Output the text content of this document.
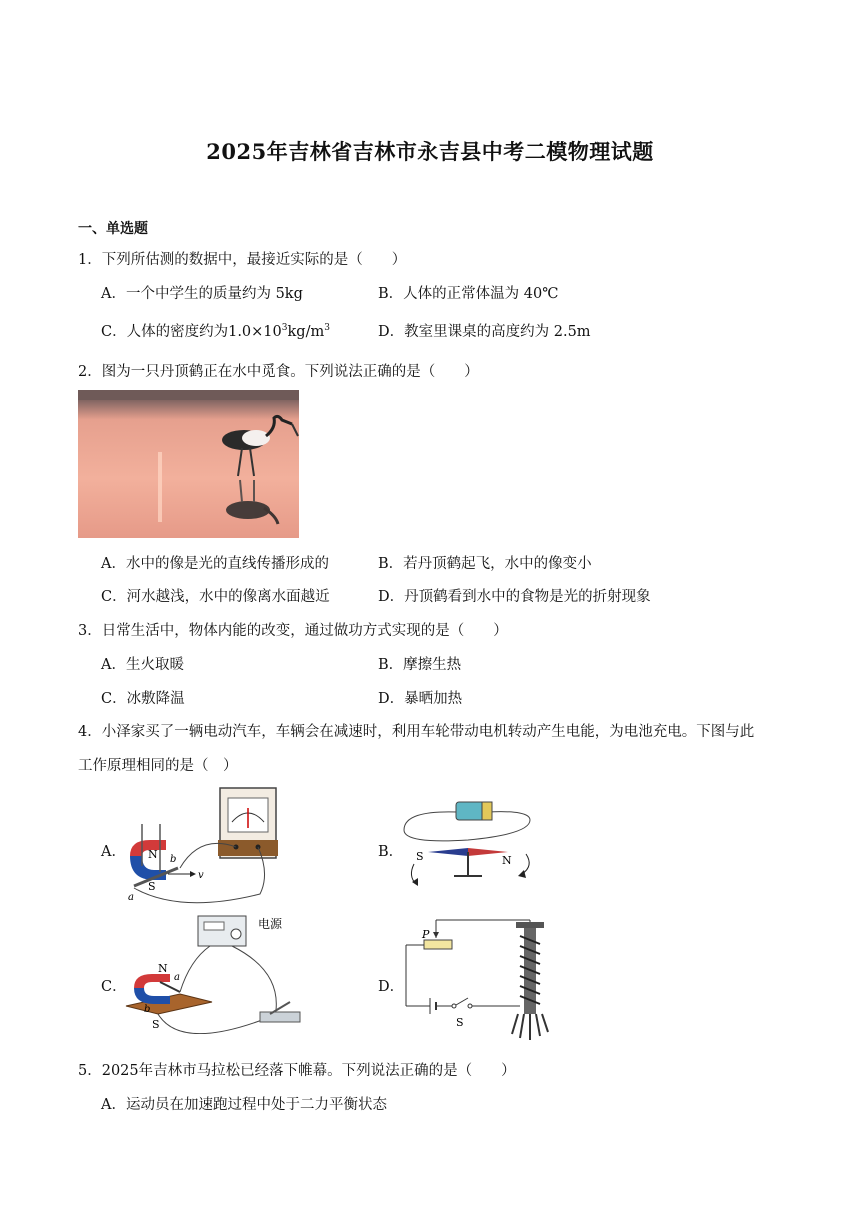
2025年吉林省吉林市永吉县中考二模物理试题
一、单选题
1．下列所估测的数据中，最接近实际的是（　　）
A．一个中学生的质量约为 5kg	B．人体的正常体温为 40℃
C．人体的密度约为$1.0\times 10^3kg/m^3$	D．教室里课桌的高度约为 2.5m
2．图为一只丹顶鹤正在水中觅食。下列说法正确的是（　　）
A．水中的像是光的直线传播形成的	B．若丹顶鹤起飞，水中的像变小
C．河水越浅，水中的像离水面越近	D．丹顶鹤看到水中的食物是光的折射现象
3．日常生活中，物体内能的改变，通过做功方式实现的是（　　）
A．生火取暖	B．摩擦生热
C．冰敷降温	D．暴晒加热
4．小泽家买了一辆电动汽车，车辆会在减速时，利用车轮带动电机转动产生电能，为电池充电。下图与此
工作原理相同的是（　）
A． N
S
b
a
v
B． S	N
C．
电源
N
S
a
b
D．
P
S
5．2025年吉林市马拉松已经落下帷幕。下列说法正确的是（　　）
A．运动员在加速跑过程中处于二力平衡状态
